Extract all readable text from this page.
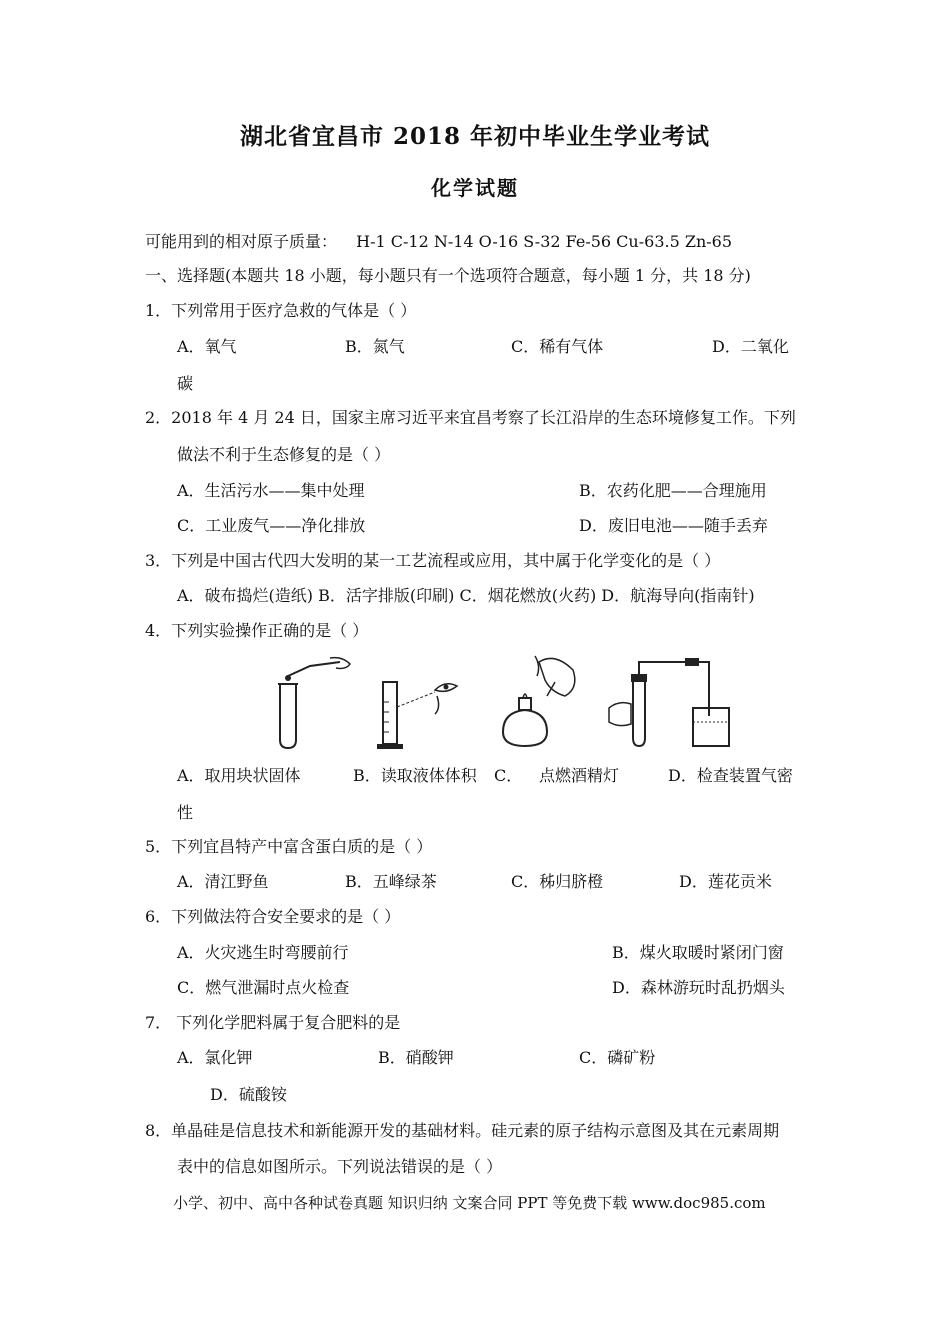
湖北省宜昌市 2018 年初中毕业生学业考试
化学试题
可能用到的相对原子质量： H-1 C-12 N-14 O-16 S-32 Fe-56 Cu-63.5 Zn-65
一、选择题(本题共 18 小题，每小题只有一个选项符合题意，每小题 1 分，共 18 分)
1．下列常用于医疗急救的气体是（ ）
A．氧气	B．氮气	C．稀有气体	D．二氧化
碳
2．2018 年 4 月 24 日，国家主席习近平来宜昌考察了长江沿岸的生态环境修复工作。下列
做法不利于生态修复的是（ ）
A．生活污水——集中处理	B．农药化肥——合理施用
C．工业废气——净化排放	D．废旧电池——随手丢弃
3．下列是中国古代四大发明的某一工艺流程或应用，其中属于化学变化的是（ ）
A．破布捣烂(造纸) B．活字排版(印刷) C．烟花燃放(火药) D．航海导向(指南针)
4．下列实验操作正确的是（ ）
A．取用块状固体	B．读取液体体积 C． 点燃酒精灯	D．检查装置气密
性
5．下列宜昌特产中富含蛋白质的是（ ）
A．清江野鱼	B．五峰绿茶	C．秭归脐橙	D．莲花贡米
6．下列做法符合安全要求的是（ ）
A．火灾逃生时弯腰前行	B．煤火取暖时紧闭门窗
C．燃气泄漏时点火检查	D．森林游玩时乱扔烟头
7． 下列化学肥料属于复合肥料的是
A．氯化钾	B．硝酸钾	C．磷矿粉
D．硫酸铵
8．单晶硅是信息技术和新能源开发的基础材料。硅元素的原子结构示意图及其在元素周期
表中的信息如图所示。下列说法错误的是（ ）
小学、初中、高中各种试卷真题 知识归纳 文案合同 PPT 等免费下载 www.doc985.com
